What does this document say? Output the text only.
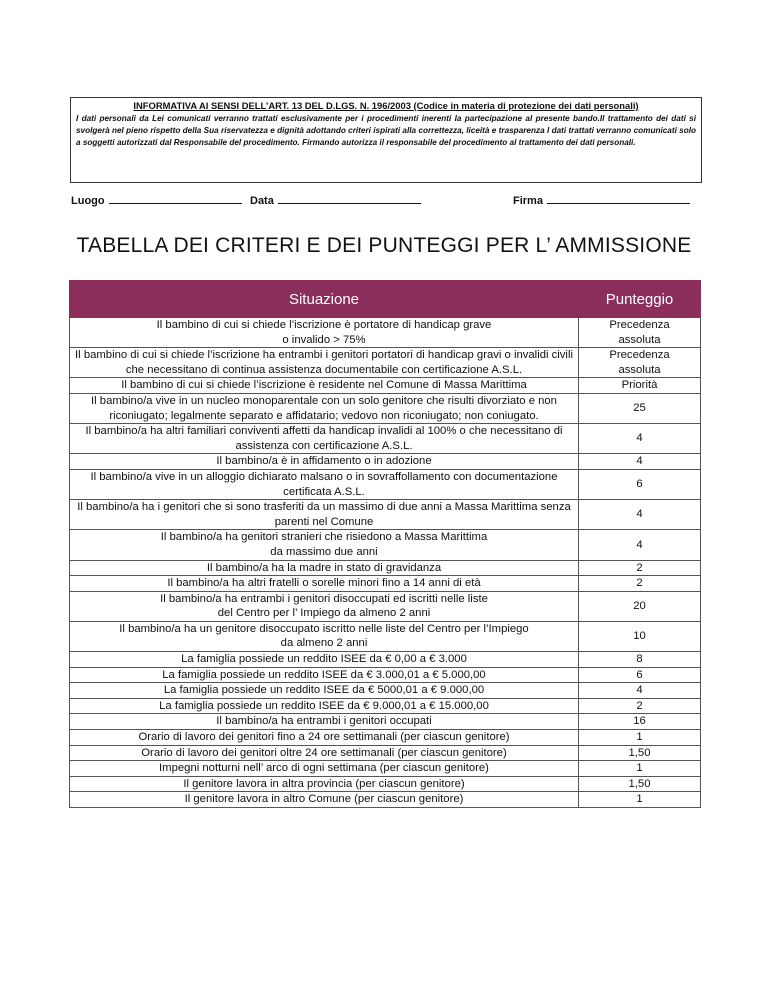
INFORMATIVA AI SENSI DELL’ART. 13 DEL D.LGS. N. 196/2003 (Codice in materia di protezione dei dati personali)
I dati personali da Lei comunicati verranno trattati esclusivamente per i procedimenti inerenti la partecipazione al presente bando.Il trattamento dei dati si svolgerà nel pieno rispetto della Sua riservatezza e dignità adottando criteri ispirati alla correttezza, liceità e trasparenza I dati trattati verranno comunicati solo a soggetti autorizzati dal Responsabile del procedimento. Firmando autorizza il responsabile del procedimento al trattamento dei dati personali.
Luogo	Data	Firma
TABELLA DEI CRITERI E DEI PUNTEGGI PER L’ AMMISSIONE
Situazione	Punteggio
Il bambino di cui si chiede l’iscrizione è portatore di handicap grave
o invalido > 75%	Precedenza assoluta
Il bambino di cui si chiede l’iscrizione ha entrambi i genitori portatori di handicap gravi o invalidi civili che necessitano di continua assistenza documentabile con certificazione A.S.L.	Precedenza assoluta
Il bambino di cui si chiede l’iscrizione è residente nel Comune di Massa Marittima	Priorità
Il bambino/a vive in un nucleo monoparentale con un solo genitore che risulti divorziato e non riconiugato; legalmente separato e affidatario; vedovo non riconiugato; non coniugato.	25
Il bambino/a ha altri familiari conviventi affetti da handicap invalidi al 100% o che necessitano di assistenza con certificazione A.S.L.	4
Il bambino/a è in affidamento o in adozione	4
Il bambino/a vive in un alloggio dichiarato malsano o in sovraffollamento con documentazione certificata A.S.L.	6
Il bambino/a ha i genitori che si sono trasferiti da un massimo di due anni a Massa Marittima senza parenti nel Comune	4
Il bambino/a ha genitori stranieri che risiedono a Massa Marittima
da massimo due anni	4
Il bambino/a ha la madre in stato di gravidanza	2
Il bambino/a ha altri fratelli o sorelle minori fino a 14 anni di età	2
Il bambino/a ha entrambi i genitori disoccupati ed iscritti nelle liste
del Centro per l’ Impiego da almeno 2 anni	20
Il bambino/a ha un genitore disoccupato iscritto nelle liste del Centro per l’Impiego
da almeno 2 anni	10
La famiglia possiede un reddito ISEE da € 0,00 a € 3.000	8
La famiglia possiede un reddito ISEE da € 3.000,01 a € 5.000,00	6
La famiglia possiede un reddito ISEE da € 5000,01 a € 9.000,00	4
La famiglia possiede un reddito ISEE da € 9.000,01 a € 15.000,00	2
Il bambino/a ha entrambi i genitori occupati	16
Orario di lavoro dei genitori fino a 24 ore settimanali (per ciascun genitore)	1
Orario di lavoro dei genitori oltre 24 ore settimanali (per ciascun genitore)	1,50
Impegni notturni nell’ arco di ogni settimana (per ciascun genitore)	1
Il genitore lavora in altra provincia (per ciascun genitore)	1,50
Il genitore lavora in altro Comune (per ciascun genitore)	1
